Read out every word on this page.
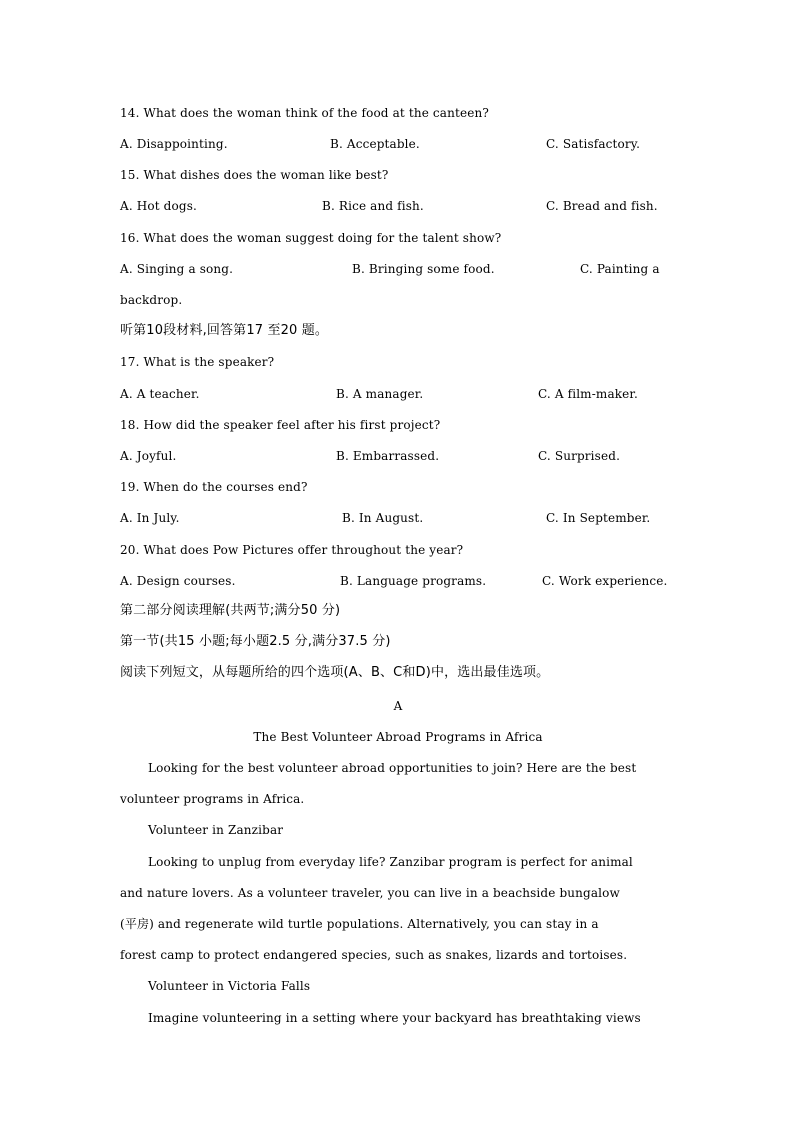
14. What does the woman think of the food at the canteen?
A. Disappointing.	B. Acceptable.	C. Satisfactory.
15. What dishes does the woman like best?
A. Hot dogs.	B. Rice and fish.	C. Bread and fish.
16. What does the woman suggest doing for the talent show?
A. Singing a song.	B. Bringing some food.	C. Painting a
backdrop.
听第10段材料,回答第17 至20 题。
17. What is the speaker?
A. A teacher.	B. A manager.	C. A film-maker.
18. How did the speaker feel after his first project?
A. Joyful.	B. Embarrassed.	C. Surprised.
19. When do the courses end?
A. In July.	B. In August.	C. In September.
20. What does Pow Pictures offer throughout the year?
A. Design courses.	B. Language programs.	C. Work experience.
第二部分阅读理解(共两节;满分50 分)
第一节(共15 小题;每小题2.5 分,满分37.5 分)
阅读下列短文，从每题所给的四个选项(A、B、C和D)中，选出最佳选项。
A
The Best Volunteer Abroad Programs in Africa
Looking for the best volunteer abroad opportunities to join? Here are the best
volunteer programs in Africa.
Volunteer in Zanzibar
Looking to unplug from everyday life? Zanzibar program is perfect for animal
and nature lovers. As a volunteer traveler, you can live in a beachside bungalow
(平房) and regenerate wild turtle populations. Alternatively, you can stay in a
forest camp to protect endangered species, such as snakes, lizards and tortoises.
Volunteer in Victoria Falls
Imagine volunteering in a setting where your backyard has breathtaking views
